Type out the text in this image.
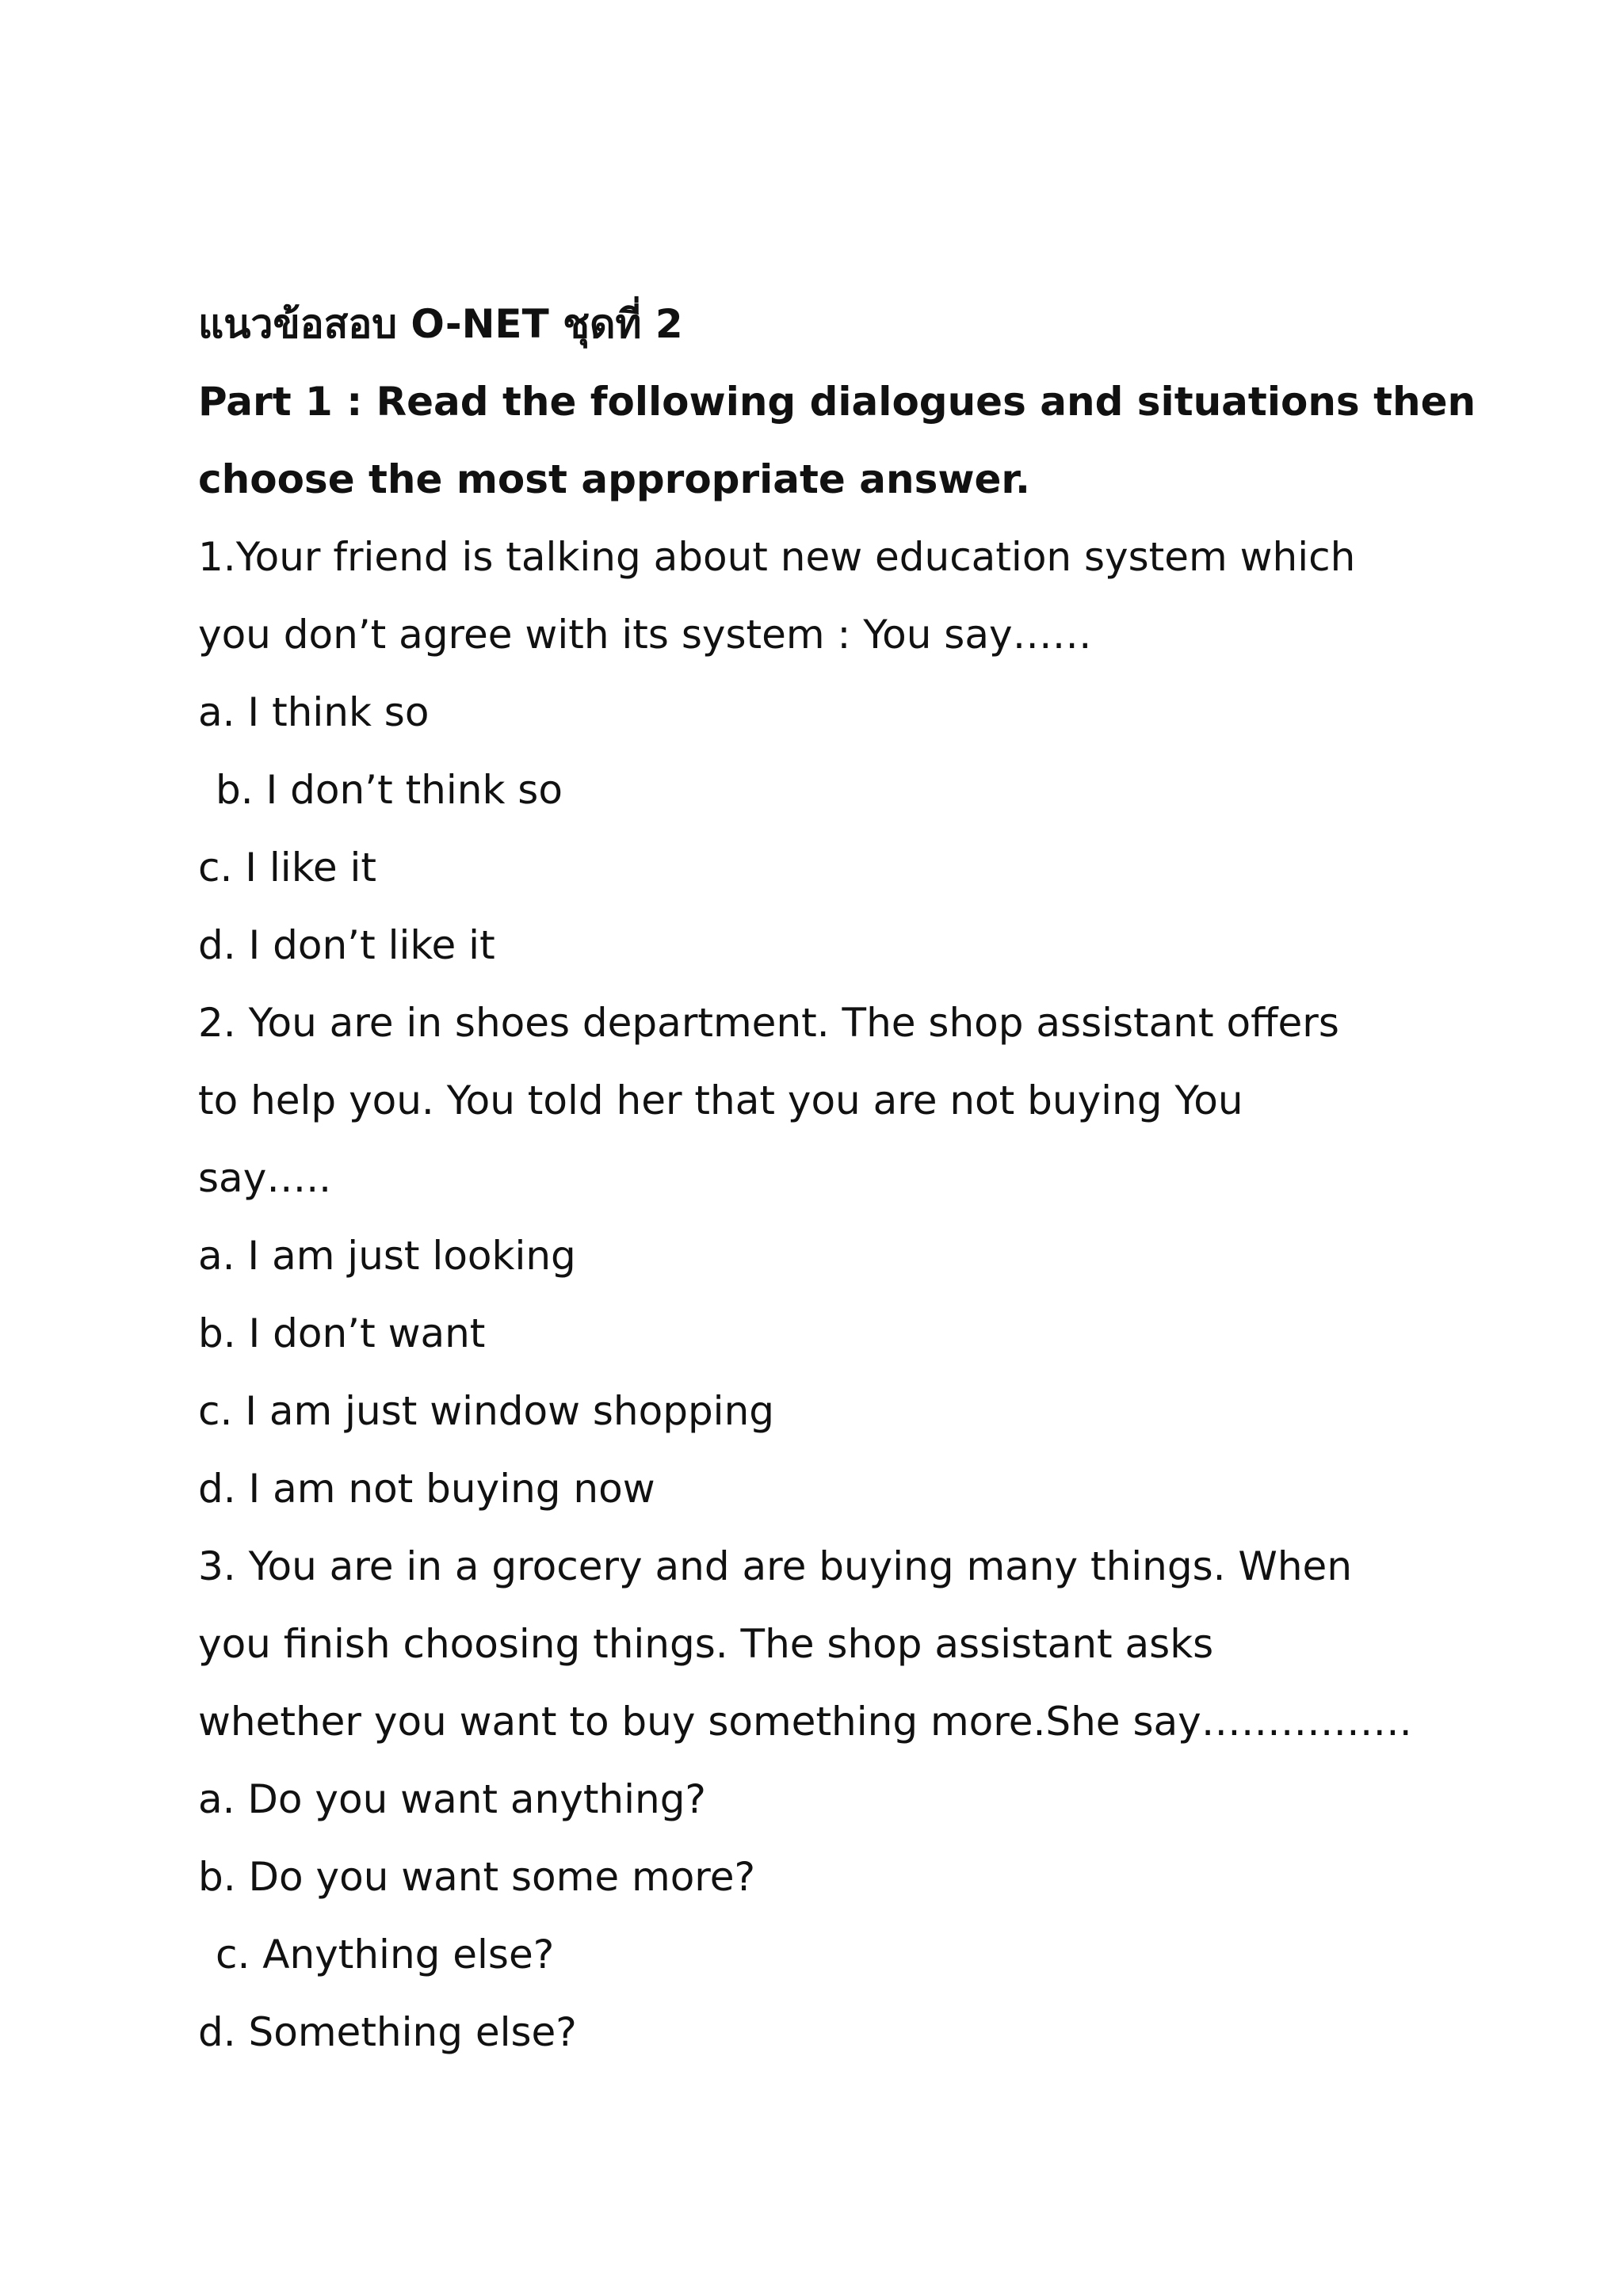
แนวข้อสอบ O-NET ชุดที่ 2
Part 1 : Read the following dialogues and situations then
choose the most appropriate answer.
1.Your friend is talking about new education system which
you don’t agree with its system : You say……
a. I think so
b. I don’t think so
c. I like it
d. I don’t like it
2. You are in shoes department. The shop assistant offers
to help you. You told her that you are not buying You
say…..
a. I am just looking
b. I don’t want
c. I am just window shopping
d. I am not buying now
3. You are in a grocery and are buying many things. When
you finish choosing things. The shop assistant asks
whether you want to buy something more.She say…………….
a. Do you want anything?
b. Do you want some more?
c. Anything else?
d. Something else?
